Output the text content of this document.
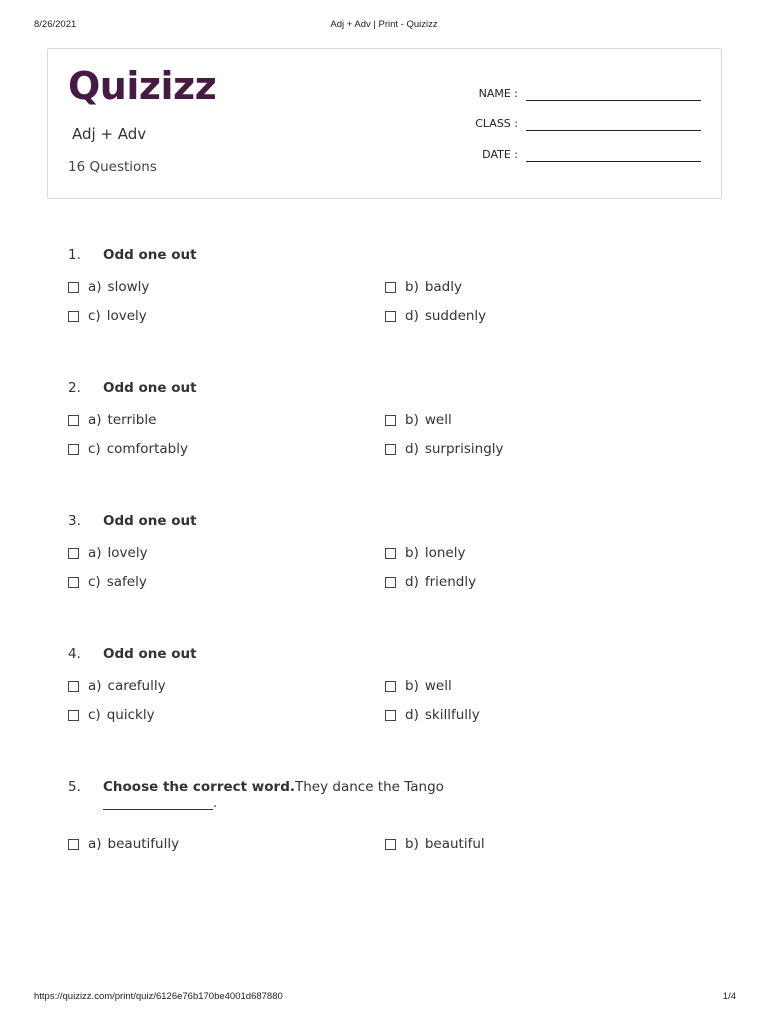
8/26/2021	Adj + Adv | Print - Quizizz
Quizizz
Adj + Adv
16 Questions
NAME :
CLASS :
DATE :
1. Odd one out
a) slowly	b) badly
c) lovely	d) suddenly
2. Odd one out
a) terrible	b) well
c) comfortably	d) surprisingly
3. Odd one out
a) lovely	b) lonely
c) safely	d) friendly
4. Odd one out
a) carefully	b) well
c) quickly	d) skillfully
5. Choose the correct word.They dance the Tango
.
a) beautifully	b) beautiful
https://quizizz.com/print/quiz/6126e76b170be4001d687880	1/4
